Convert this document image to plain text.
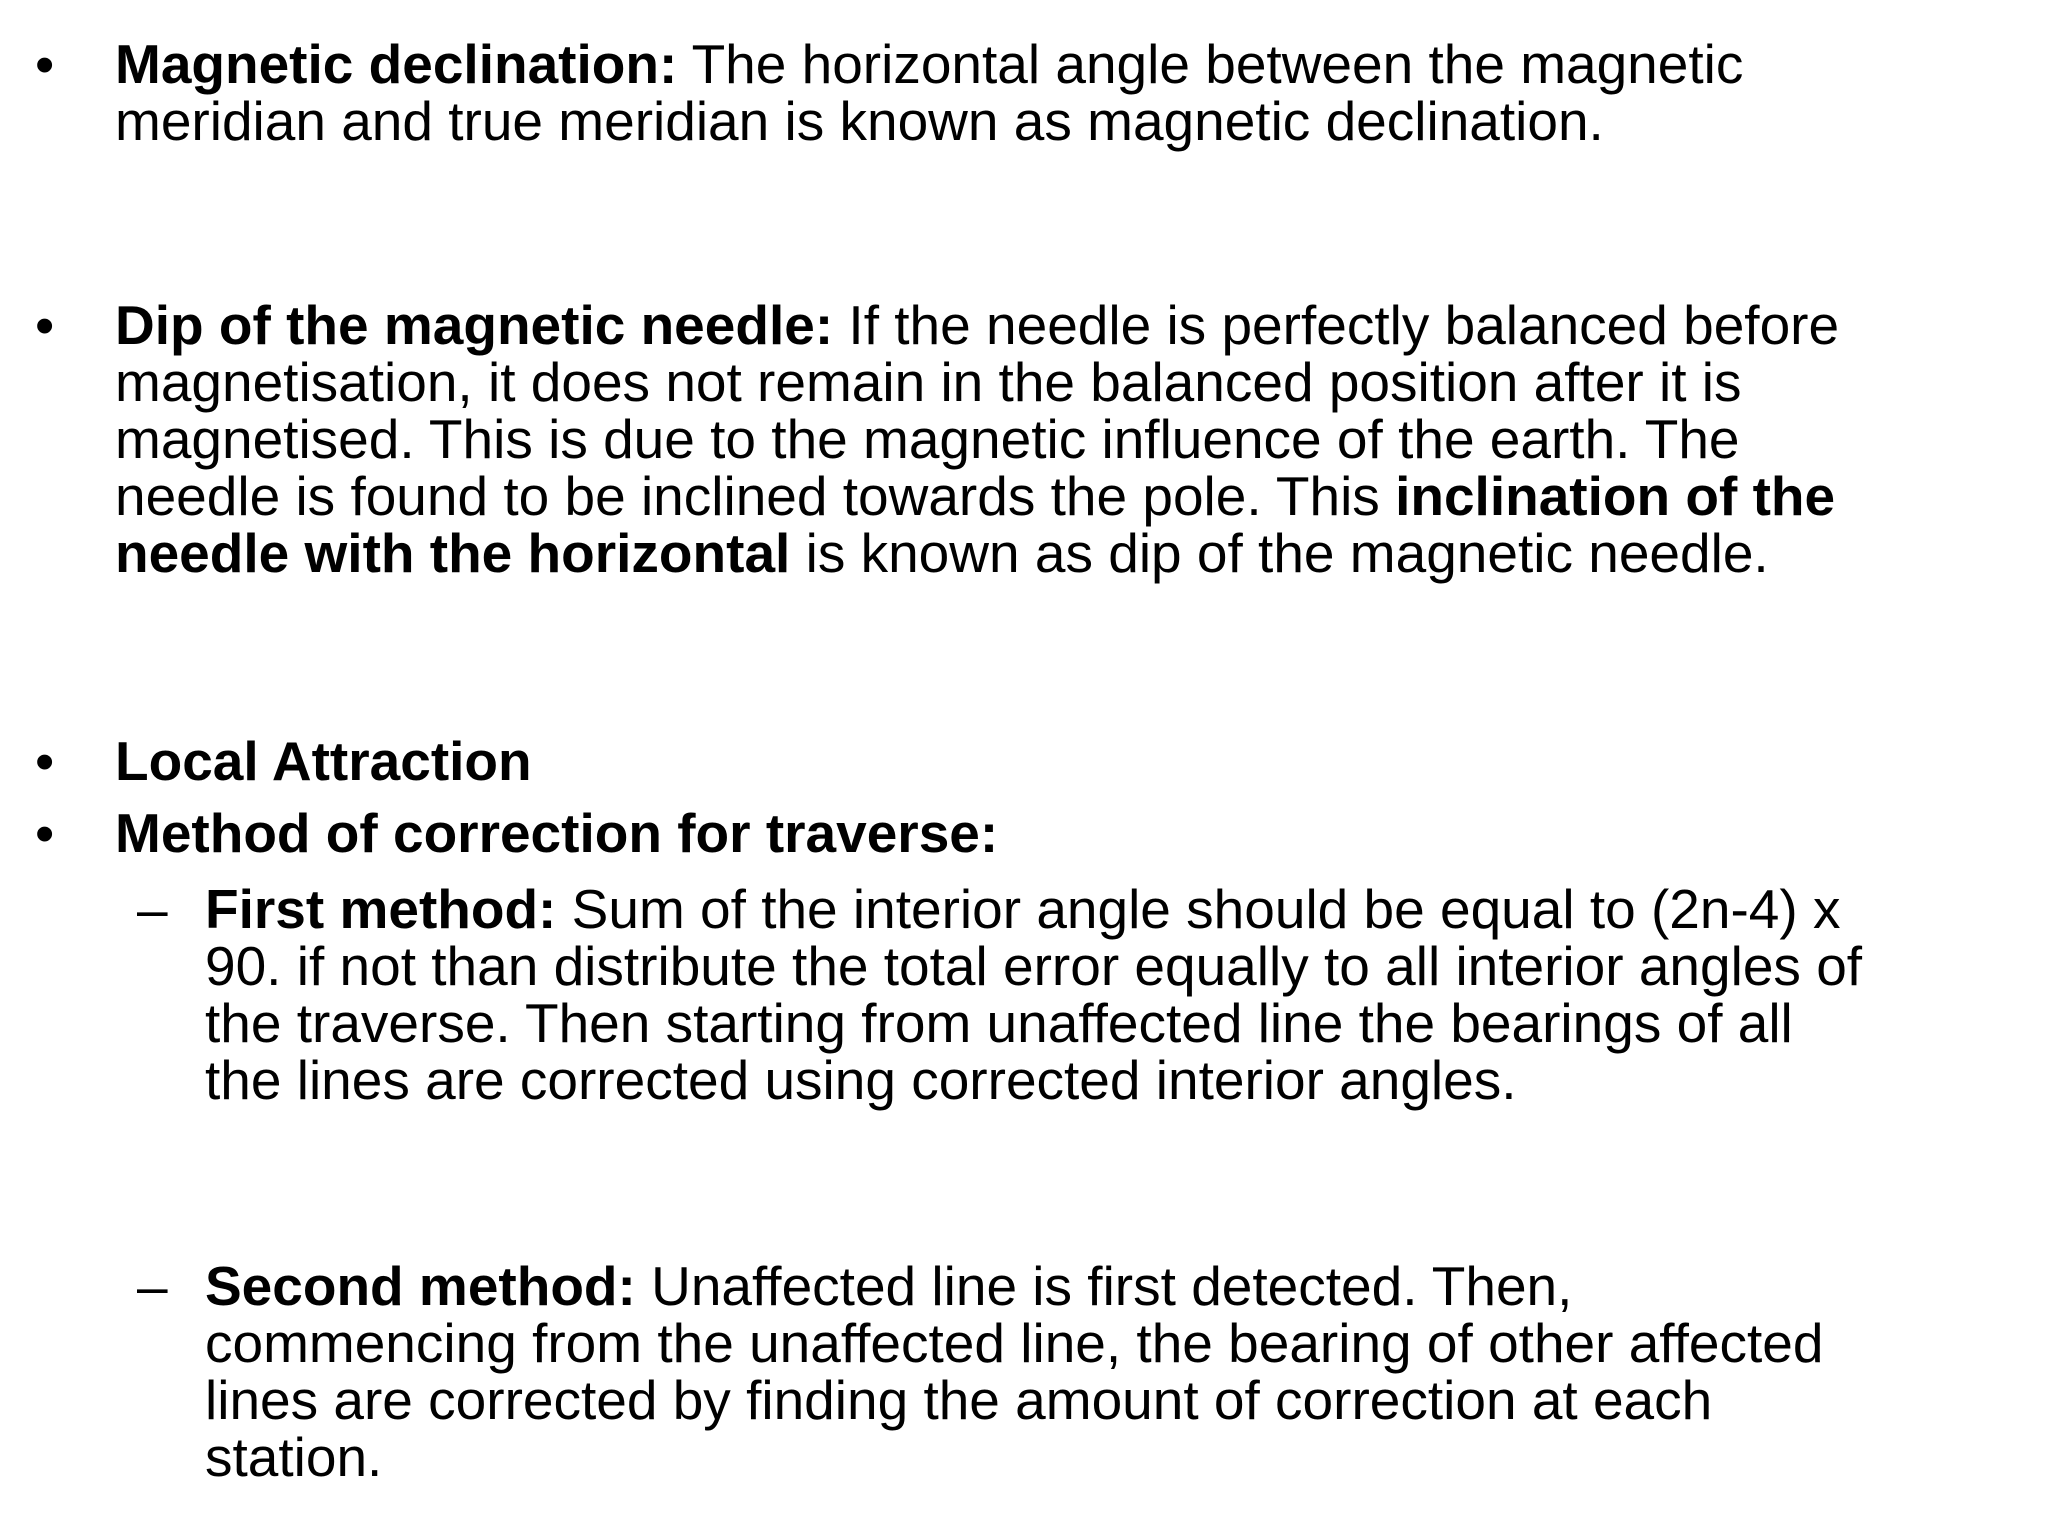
• Magnetic declination: The horizontal angle between the magnetic meridian and true meridian is known as magnetic declination.
• Dip of the magnetic needle: If the needle is perfectly balanced before magnetisation, it does not remain in the balanced position after it is magnetised. This is due to the magnetic influence of the earth. The needle is found to be inclined towards the pole. This inclination of the needle with the horizontal is known as dip of the magnetic needle.
• Local Attraction
• Method of correction for traverse:
– First method: Sum of the interior angle should be equal to (2n-4) x 90. if not than distribute the total error equally to all interior angles of the traverse. Then starting from unaffected line the bearings of all the lines are corrected using corrected interior angles.
– Second method: Unaffected line is first detected. Then, commencing from the unaffected line, the bearing of other affected lines are corrected by finding the amount of correction at each station.
